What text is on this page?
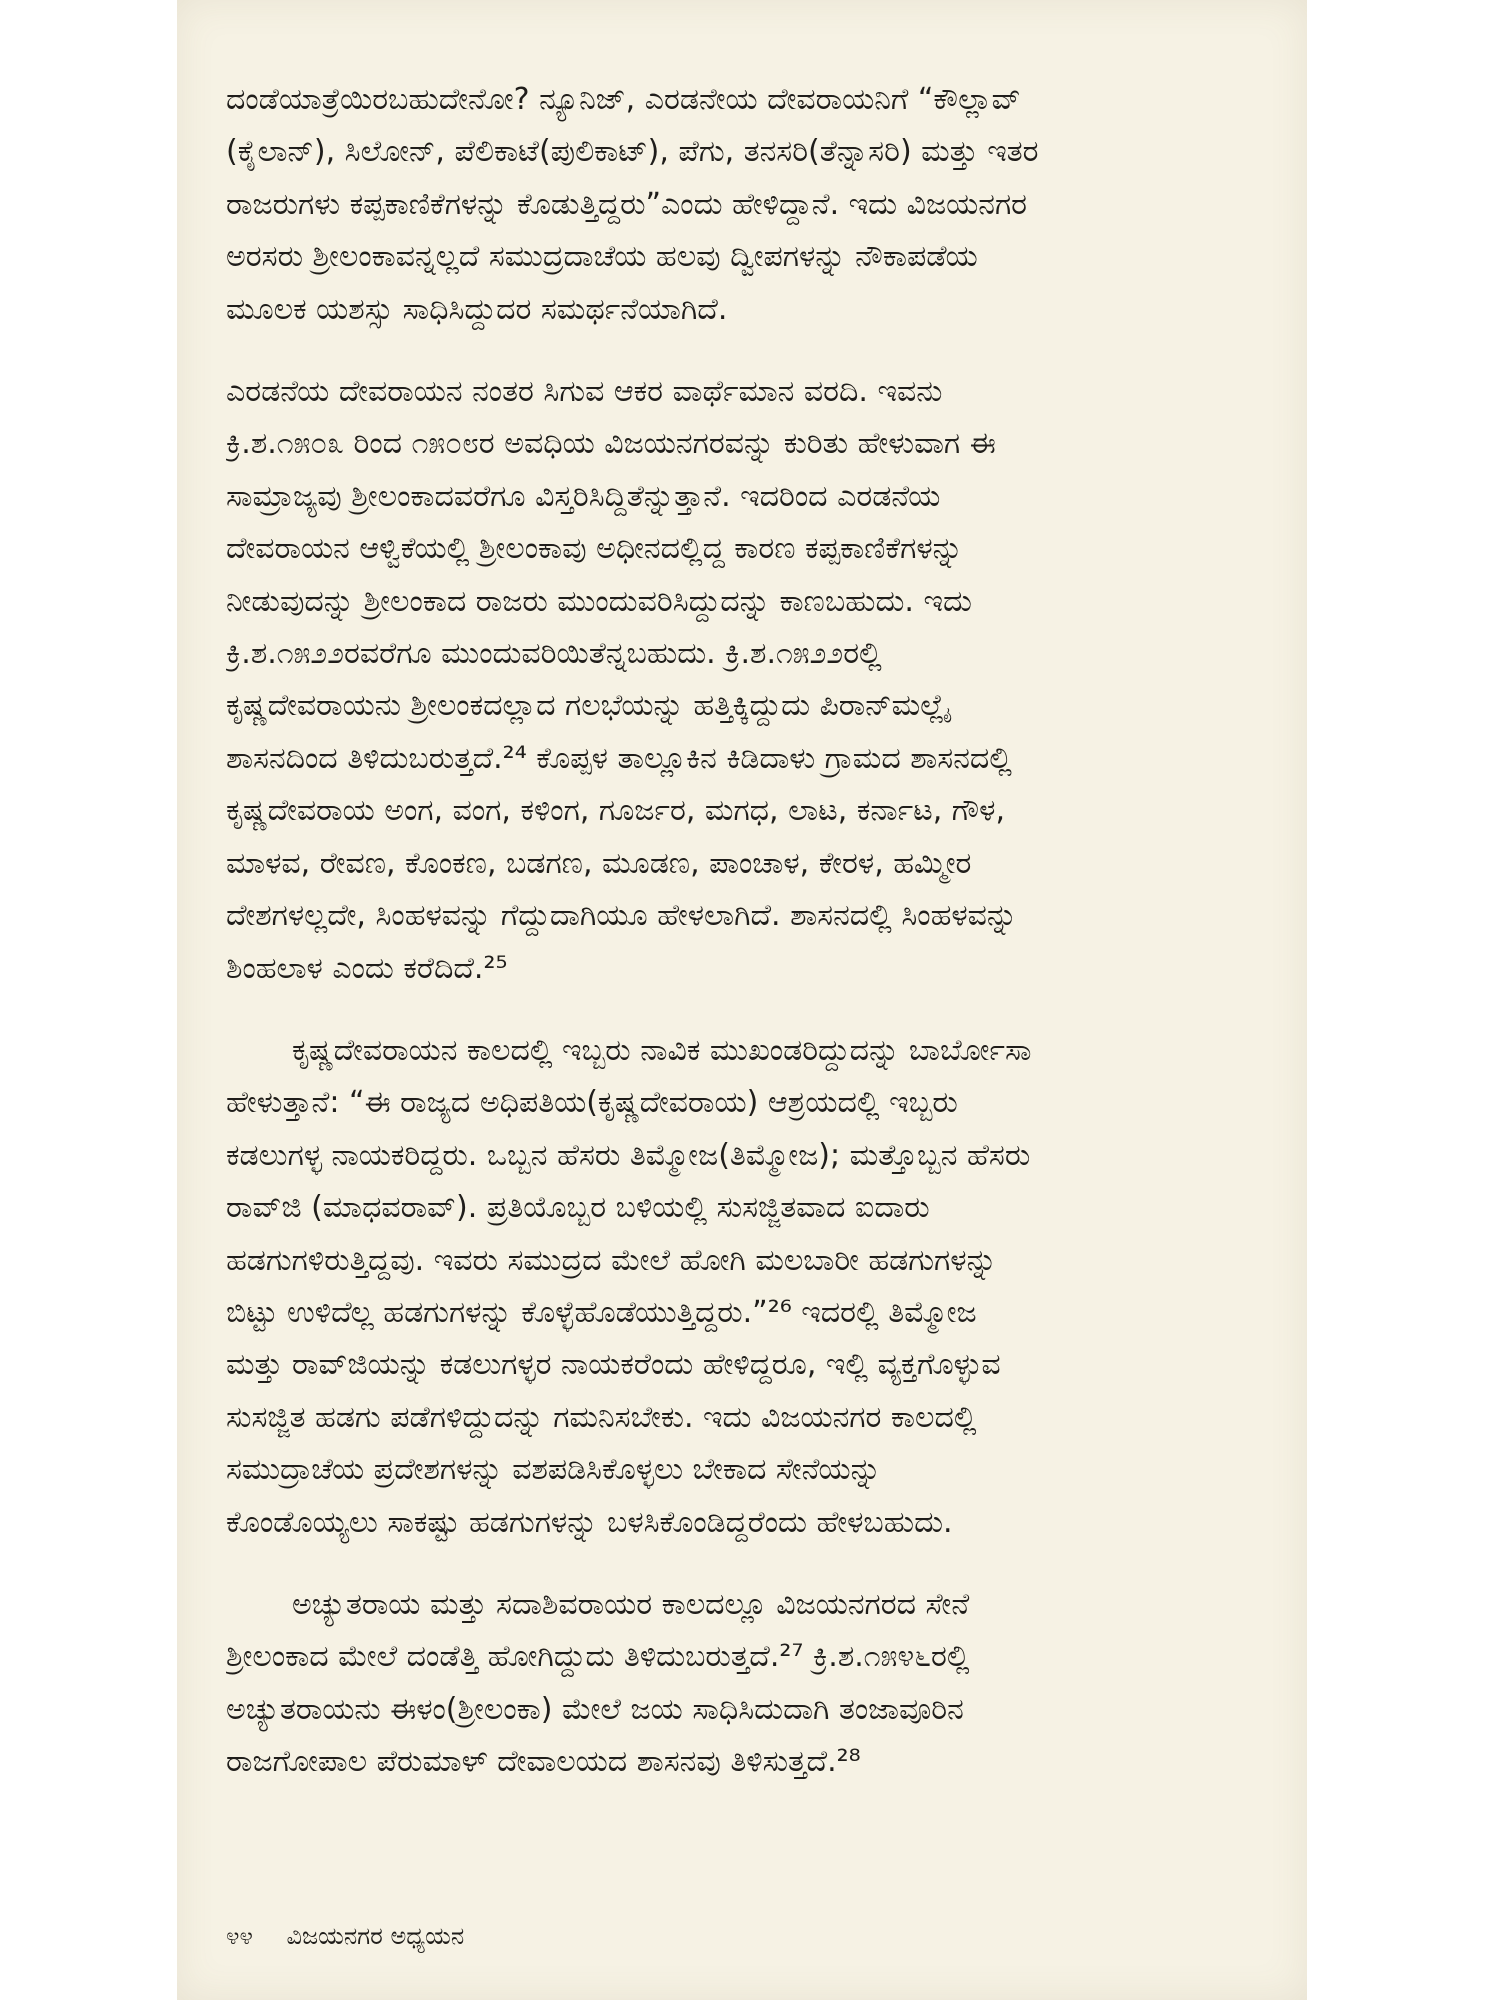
ದಂಡೆಯಾತ್ರೆಯಿರಬಹುದೇನೋ? ನ್ಯೂನಿಜ್, ಎರಡನೇಯ ದೇವರಾಯನಿಗೆ “ಕೌಲ್ಲಾವ್
(ಕೈಲಾನ್), ಸಿಲೋನ್, ಪೆಲಿಕಾಟೆ(ಪುಲಿಕಾಟ್), ಪೆಗು, ತನಸರಿ(ತೆನ್ನಾಸರಿ) ಮತ್ತು ಇತರ
ರಾಜರುಗಳು ಕಪ್ಪಕಾಣಿಕೆಗಳನ್ನು ಕೊಡುತ್ತಿದ್ದರು”ಎಂದು ಹೇಳಿದ್ದಾನೆ. ಇದು ವಿಜಯನಗರ
ಅರಸರು ಶ್ರೀಲಂಕಾವನ್ನಲ್ಲದೆ ಸಮುದ್ರದಾಚೆಯ ಹಲವು ದ್ವೀಪಗಳನ್ನು ನೌಕಾಪಡೆಯ
ಮೂಲಕ ಯಶಸ್ಸು ಸಾಧಿಸಿದ್ದುದರ ಸಮರ್ಥನೆಯಾಗಿದೆ.

ಎರಡನೆಯ ದೇವರಾಯನ ನಂತರ ಸಿಗುವ ಆಕರ ವಾರ್ಥೆಮಾನ ವರದಿ. ಇವನು
ಕ್ರಿ.ಶ.೧೫೦೩ ರಿಂದ ೧೫೦೮ರ ಅವಧಿಯ ವಿಜಯನಗರವನ್ನು ಕುರಿತು ಹೇಳುವಾಗ ಈ
ಸಾಮ್ರಾಜ್ಯವು ಶ್ರೀಲಂಕಾದವರೆಗೂ ವಿಸ್ತರಿಸಿದ್ದಿತೆನ್ನುತ್ತಾನೆ. ಇದರಿಂದ ಎರಡನೆಯ
ದೇವರಾಯನ ಆಳ್ವಿಕೆಯಲ್ಲಿ ಶ್ರೀಲಂಕಾವು ಅಧೀನದಲ್ಲಿದ್ದ ಕಾರಣ ಕಪ್ಪಕಾಣಿಕೆಗಳನ್ನು
ನೀಡುವುದನ್ನು ಶ್ರೀಲಂಕಾದ ರಾಜರು ಮುಂದುವರಿಸಿದ್ದುದನ್ನು ಕಾಣಬಹುದು. ಇದು
ಕ್ರಿ.ಶ.೧೫೨೨ರವರೆಗೂ ಮುಂದುವರಿಯಿತೆನ್ನಬಹುದು. ಕ್ರಿ.ಶ.೧೫೨೨ರಲ್ಲಿ
ಕೃಷ್ಣದೇವರಾಯನು ಶ್ರೀಲಂಕದಲ್ಲಾದ ಗಲಭೆಯನ್ನು ಹತ್ತಿಕ್ಕಿದ್ದುದು ಪಿರಾನ್‌ಮಲ್ಲೈ
ಶಾಸನದಿಂದ ತಿಳಿದುಬರುತ್ತದೆ.²⁴ ಕೊಪ್ಪಳ ತಾಲ್ಲೂಕಿನ ಕಿಡಿದಾಳು ಗ್ರಾಮದ ಶಾಸನದಲ್ಲಿ
ಕೃಷ್ಣದೇವರಾಯ ಅಂಗ, ವಂಗ, ಕಳಿಂಗ, ಗೂರ್ಜರ, ಮಗಧ, ಲಾಟ, ಕರ್ನಾಟ, ಗೌಳ,
ಮಾಳವ, ರೇವಣ, ಕೊಂಕಣ, ಬಡಗಣ, ಮೂಡಣ, ಪಾಂಚಾಳ, ಕೇರಳ, ಹಮ್ಮೀರ
ದೇಶಗಳಲ್ಲದೇ, ಸಿಂಹಳವನ್ನು ಗೆದ್ದುದಾಗಿಯೂ ಹೇಳಲಾಗಿದೆ. ಶಾಸನದಲ್ಲಿ ಸಿಂಹಳವನ್ನು
ಶಿಂಹಲಾಳ ಎಂದು ಕರೆದಿದೆ.²⁵

ಕೃಷ್ಣದೇವರಾಯನ ಕಾಲದಲ್ಲಿ ಇಬ್ಬರು ನಾವಿಕ ಮುಖಂಡರಿದ್ದುದನ್ನು ಬಾರ್ಬೋಸಾ
ಹೇಳುತ್ತಾನೆ: “ಈ ರಾಜ್ಯದ ಅಧಿಪತಿಯ(ಕೃಷ್ಣದೇವರಾಯ) ಆಶ್ರಯದಲ್ಲಿ ಇಬ್ಬರು
ಕಡಲುಗಳ್ಳ ನಾಯಕರಿದ್ದರು. ಒಬ್ಬನ ಹೆಸರು ತಿಮ್ಮೋಜ(ತಿಮ್ಮೋಜ); ಮತ್ತೊಬ್ಬನ ಹೆಸರು
ರಾವ್‌ಜಿ (ಮಾಧವರಾವ್). ಪ್ರತಿಯೊಬ್ಬರ ಬಳಿಯಲ್ಲಿ ಸುಸಜ್ಜಿತವಾದ ಐದಾರು
ಹಡಗುಗಳಿರುತ್ತಿದ್ದವು. ಇವರು ಸಮುದ್ರದ ಮೇಲೆ ಹೋಗಿ ಮಲಬಾರೀ ಹಡಗುಗಳನ್ನು
ಬಿಟ್ಟು ಉಳಿದೆಲ್ಲ ಹಡಗುಗಳನ್ನು ಕೊಳ್ಳೆಹೊಡೆಯುತ್ತಿದ್ದರು.”²⁶ ಇದರಲ್ಲಿ ತಿಮ್ಮೋಜ
ಮತ್ತು ರಾವ್‌ಜಿಯನ್ನು ಕಡಲುಗಳ್ಳರ ನಾಯಕರೆಂದು ಹೇಳಿದ್ದರೂ, ಇಲ್ಲಿ ವ್ಯಕ್ತಗೊಳ್ಳುವ
ಸುಸಜ್ಜಿತ ಹಡಗು ಪಡೆಗಳಿದ್ದುದನ್ನು ಗಮನಿಸಬೇಕು. ಇದು ವಿಜಯನಗರ ಕಾಲದಲ್ಲಿ
ಸಮುದ್ರಾಚೆಯ ಪ್ರದೇಶಗಳನ್ನು ವಶಪಡಿಸಿಕೊಳ್ಳಲು ಬೇಕಾದ ಸೇನೆಯನ್ನು
ಕೊಂಡೊಯ್ಯಲು ಸಾಕಷ್ಟು ಹಡಗುಗಳನ್ನು ಬಳಸಿಕೊಂಡಿದ್ದರೆಂದು ಹೇಳಬಹುದು.

ಅಚ್ಯುತರಾಯ ಮತ್ತು ಸದಾಶಿವರಾಯರ ಕಾಲದಲ್ಲೂ ವಿಜಯನಗರದ ಸೇನೆ
ಶ್ರೀಲಂಕಾದ ಮೇಲೆ ದಂಡೆತ್ತಿ ಹೋಗಿದ್ದುದು ತಿಳಿದುಬರುತ್ತದೆ.²⁷ ಕ್ರಿ.ಶ.೧೫೪೬ರಲ್ಲಿ
ಅಚ್ಯುತರಾಯನು ಈಳಂ(ಶ್ರೀಲಂಕಾ) ಮೇಲೆ ಜಯ ಸಾಧಿಸಿದುದಾಗಿ ತಂಜಾವೂರಿನ
ರಾಜಗೋಪಾಲ ಪೆರುಮಾಳ್ ದೇವಾಲಯದ ಶಾಸನವು ತಿಳಿಸುತ್ತದೆ.²⁸

೪೪ ವಿಜಯನಗರ ಅಧ್ಯಯನ
